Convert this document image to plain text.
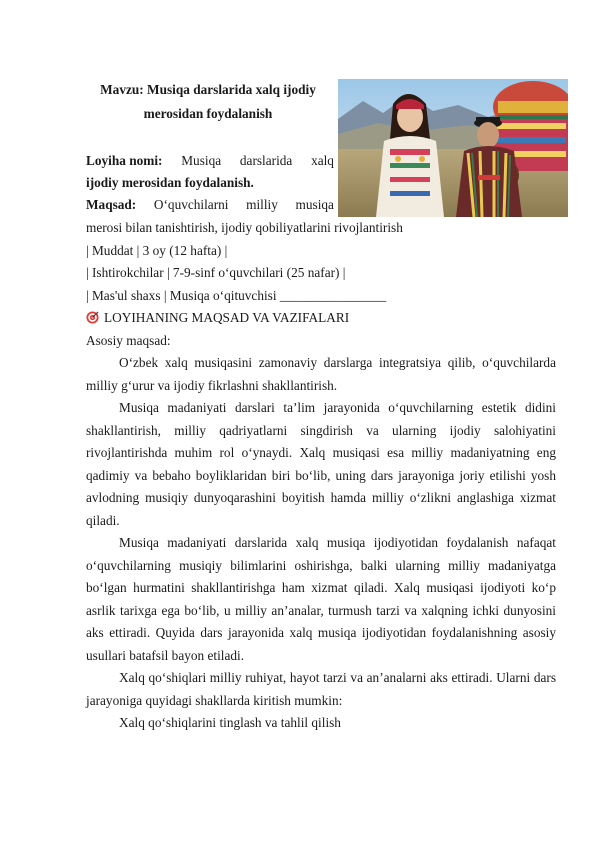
Mavzu: Musiqa darslarida xalq ijodiy
merosidan foydalanish
Loyiha nomi: Musiqa darslarida xalq
ijodiy merosidan foydalanish.
Maqsad: O‘quvchilarni milliy musiqa
merosi bilan tanishtirish, ijodiy qobiliyatlarini rivojlantirish
| Muddat | 3 oy (12 hafta) |
| Ishtirokchilar | 7-9-sinf o‘quvchilari (25 nafar) |
| Mas'ul shaxs | Musiqa o‘qituvchisi ________________
LOYIHANING MAQSAD VA VAZIFALARI
Asosiy maqsad:

O‘zbek xalq musiqasini zamonaviy darslarga integratsiya qilib, o‘quvchilarda milliy g‘urur va ijodiy fikrlashni shakllantirish.

Musiqa madaniyati darslari ta’lim jarayonida o‘quvchilarning estetik didini shakllantirish, milliy qadriyatlarni singdirish va ularning ijodiy salohiyatini rivojlantirishda muhim rol o‘ynaydi. Xalq musiqasi esa milliy madaniyatning eng qadimiy va bebaho boyliklaridan biri bo‘lib, uning dars jarayoniga joriy etilishi yosh avlodning musiqiy dunyoqarashini boyitish hamda milliy o‘zlikni anglashiga xizmat qiladi.

Musiqa madaniyati darslarida xalq musiqa ijodiyotidan foydalanish nafaqat o‘quvchilarning musiqiy bilimlarini oshirishga, balki ularning milliy madaniyatga bo‘lgan hurmatini shakllantirishga ham xizmat qiladi. Xalq musiqasi ijodiyoti ko‘p asrlik tarixga ega bo‘lib, u milliy an’analar, turmush tarzi va xalqning ichki dunyosini aks ettiradi. Quyida dars jarayonida xalq musiqa ijodiyotidan foydalanishning asosiy usullari batafsil bayon etiladi.

Xalq qo‘shiqlari milliy ruhiyat, hayot tarzi va an’analarni aks ettiradi. Ularni dars jarayoniga quyidagi shakllarda kiritish mumkin:

Xalq qo‘shiqlarini tinglash va tahlil qilish
